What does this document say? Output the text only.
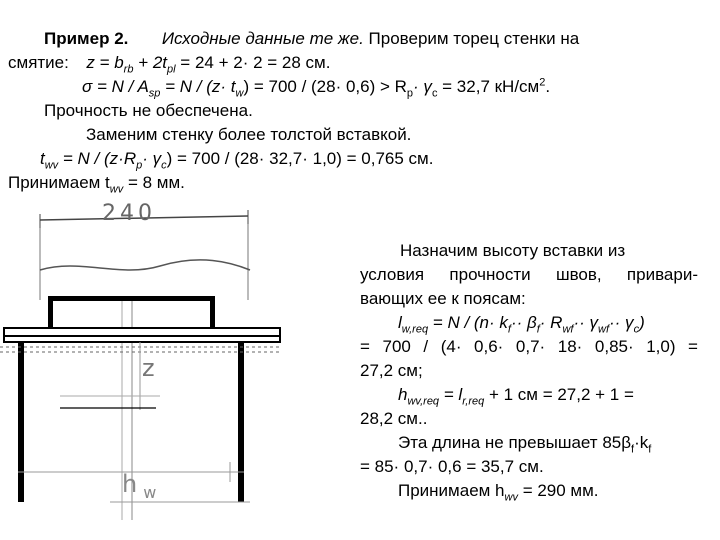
Пример 2. Исходные данные те же. Проверим торец стенки на
смятие: $z = b_{rb} + 2t_{pl} = 24 + 2\cdot 2 = 28$ см.
$\sigma = N / A_{sp} = N / (z\cdot t_w) = 700 / (28\cdot 0,6) > R_p\cdot \gamma_c = 32,7$ $кН/см^2$.
Прочность не обеспечена.
Заменим стенку более толстой вставкой.
$t_{wv} = N / (z\cdot R_p\cdot \gamma_c) = 700 / (28\cdot 32,7\cdot 1,0) = 0,765$ см.
Принимаем $t_{wv} = 8$ мм.
240
z
h $_w$
Назначим высоту вставки из
условия прочности швов, привари-
вающих ее к поясам:
$l_{w,req} = N / (n\cdot k_f\cdot\cdot \beta_f\cdot R_{wf}\cdot\cdot \gamma_{wf}\cdot\cdot \gamma_c)$
= 700 / (4· 0,6· 0,7· 18· 0,85· 1,0) =
27,2 см;
$h_{wv,req} = l_{r,req} + 1$ см = 27,2 + 1 =
28,2 см..
Эта длина не превышает $85\beta_f\cdot k_f$
= 85· 0,7· 0,6 = 35,7 см.
Принимаем $h_{wv} = 290$ мм.
